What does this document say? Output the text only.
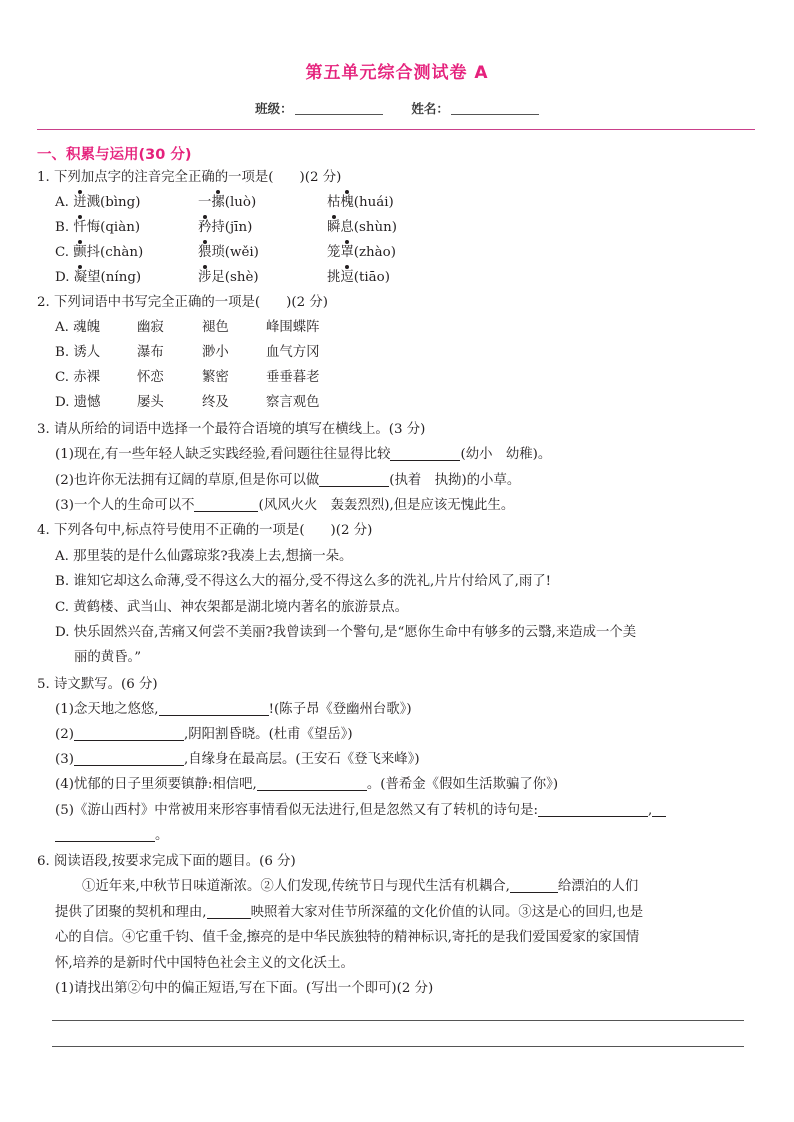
第五单元综合测试卷 A
班级：	姓名：
一、积累与运用(30 分)
1. 下列加点字的注音完全正确的一项是( )(2 分)
A. 迸溅(bìng)	一摞(luò)	枯槐(huái)
B. 忏悔(qiàn)	矜持(jīn)	瞬息(shùn)
C. 颤抖(chàn)	猥琐(wěi)	笼罩(zhào)
D. 凝望(níng)	涉足(shè)	挑逗(tiāo)
2. 下列词语中书写完全正确的一项是( )(2 分)
A. 魂魄	幽寂	褪色	峰围蝶阵
B. 诱人	瀑布	渺小	血气方冈
C. 赤裸	怀恋	繁密	垂垂暮老
D. 遗憾	屡头	终及	察言观色
3. 请从所给的词语中选择一个最符合语境的填写在横线上。(3 分)
(1)现在,有一些年轻人缺乏实践经验,看问题往往显得比较	(幼小　幼稚)。
(2)也许你无法拥有辽阔的草原,但是你可以做	(执着　执拗)的小草。
(3)一个人的生命可以不	(风风火火　轰轰烈烈),但是应该无愧此生。
4. 下列各句中,标点符号使用不正确的一项是( )(2 分)
A. 那里装的是什么仙露琼浆?我凑上去,想摘一朵。
B. 谁知它却这么命薄,受不得这么大的福分,受不得这么多的洗礼,片片付给风了,雨了!
C. 黄鹤楼、武当山、神农架都是湖北境内著名的旅游景点。
D. 快乐固然兴奋,苦痛又何尝不美丽?我曾读到一个警句,是“愿你生命中有够多的云翳,来造成一个美
丽的黄昏。”
5. 诗文默写。(6 分)
(1)念天地之悠悠,	!(陈子昂《登幽州台歌》)
(2)	,阴阳割昏晓。(杜甫《望岳》)
(3)	,自缘身在最高层。(王安石《登飞来峰》)
(4)忧郁的日子里须要镇静:相信吧,	。(普希金《假如生活欺骗了你》)
(5)《游山西村》中常被用来形容事情看似无法进行,但是忽然又有了转机的诗句是:	,
。
6. 阅读语段,按要求完成下面的题目。(6 分)
①近年来,中秋节日味道渐浓。②人们发现,传统节日与现代生活有机耦合,	给漂泊的人们
提供了团聚的契机和理由,	映照着大家对佳节所深蕴的文化价值的认同。③这是心的回归,也是
心的自信。④它重千钧、值千金,擦亮的是中华民族独特的精神标识,寄托的是我们爱国爱家的家国情
怀,培养的是新时代中国特色社会主义的文化沃土。
(1)请找出第②句中的偏正短语,写在下面。(写出一个即可)(2 分)
